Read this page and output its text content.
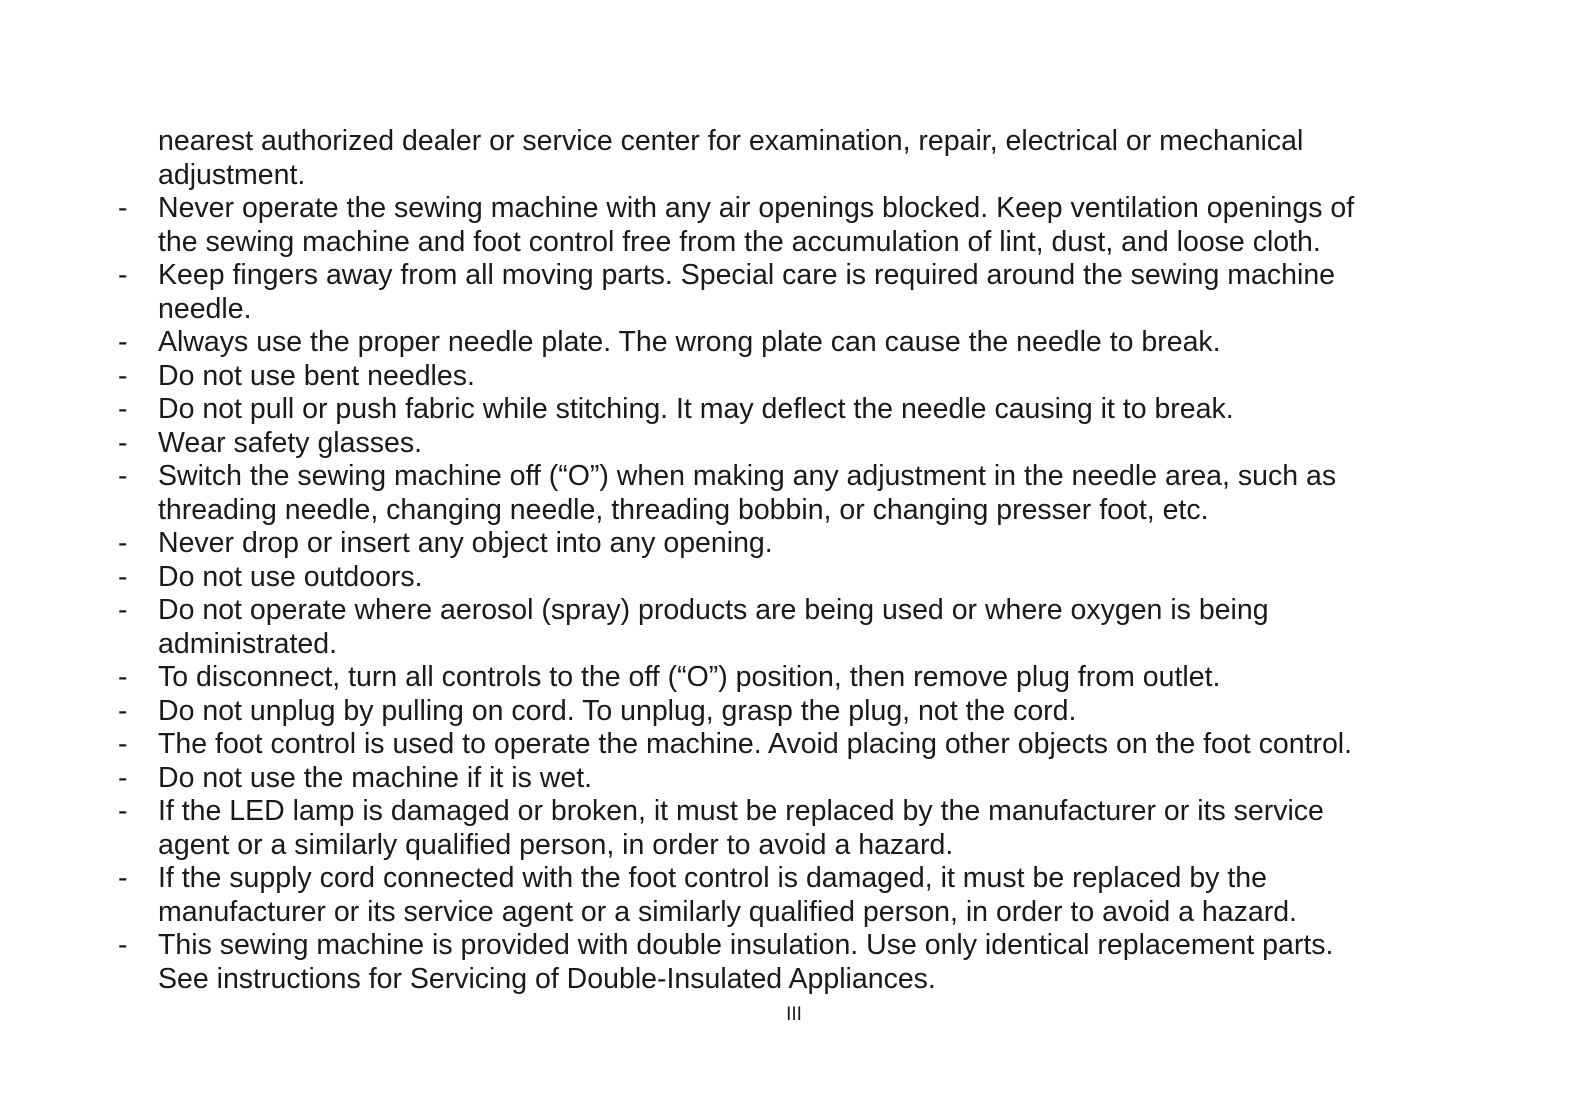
nearest authorized dealer or service center for examination, repair, electrical or mechanical
adjustment.
-	Never operate the sewing machine with any air openings blocked. Keep ventilation openings of
the sewing machine and foot control free from the accumulation of lint, dust, and loose cloth.
-	Keep fingers away from all moving parts. Special care is required around the sewing machine
needle.
-	Always use the proper needle plate. The wrong plate can cause the needle to break.
-	Do not use bent needles.
-	Do not pull or push fabric while stitching. It may deflect the needle causing it to break.
-	Wear safety glasses.
-	Switch the sewing machine off (“O”) when making any adjustment in the needle area, such as
threading needle, changing needle, threading bobbin, or changing presser foot, etc.
-	Never drop or insert any object into any opening.
-	Do not use outdoors.
-	Do not operate where aerosol (spray) products are being used or where oxygen is being
administrated.
-	To disconnect, turn all controls to the off (“O”) position, then remove plug from outlet.
-	Do not unplug by pulling on cord. To unplug, grasp the plug, not the cord.
-	The foot control is used to operate the machine. Avoid placing other objects on the foot control.
-	Do not use the machine if it is wet.
-	If the LED lamp is damaged or broken, it must be replaced by the manufacturer or its service
agent or a similarly qualified person, in order to avoid a hazard.
-	If the supply cord connected with the foot control is damaged, it must be replaced by the
manufacturer or its service agent or a similarly qualified person, in order to avoid a hazard.
-	This sewing machine is provided with double insulation. Use only identical replacement parts.
See instructions for Servicing of Double-Insulated Appliances.
III
